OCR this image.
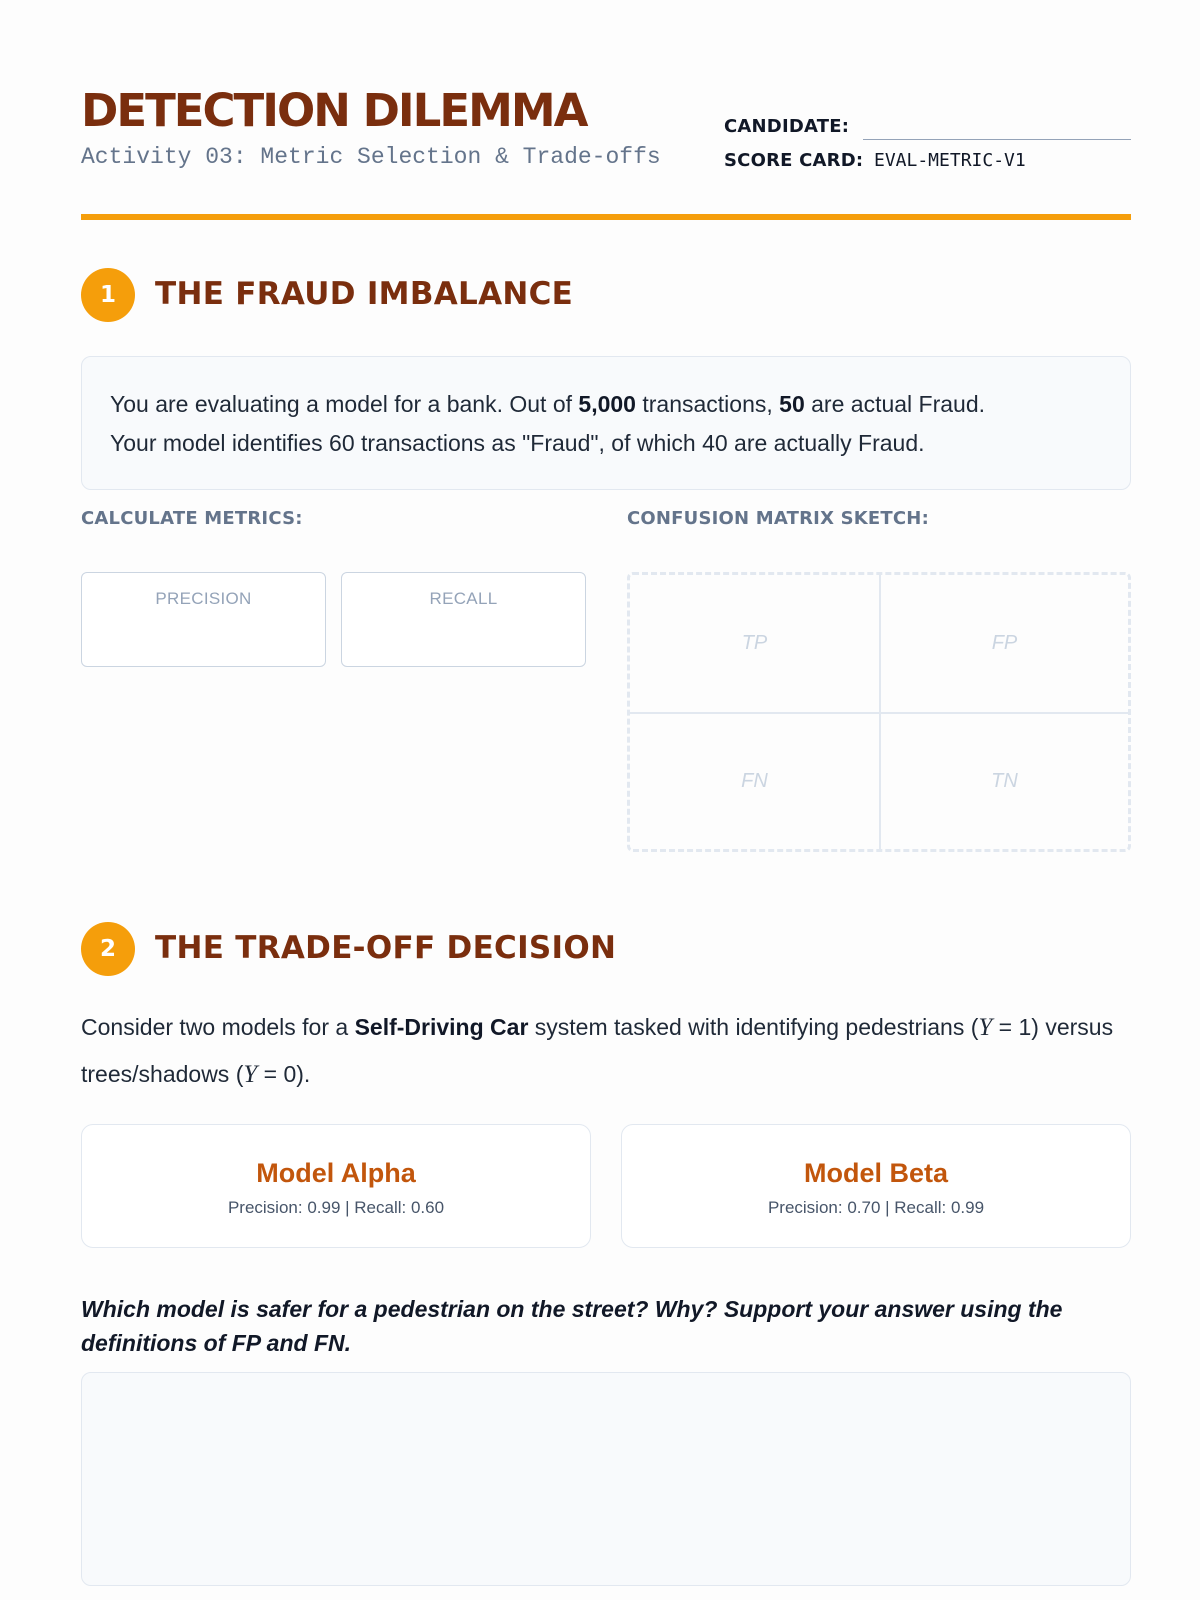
DETECTION DILEMMA
Activity 03: Metric Selection & Trade-offs
CANDIDATE:
SCORE CARD: EVAL-METRIC-V1
1	THE FRAUD IMBALANCE
You are evaluating a model for a bank. Out of 5,000 transactions, 50 are actual Fraud.
Your model identifies 60 transactions as "Fraud", of which 40 are actually Fraud.
CALCULATE METRICS:	CONFUSION MATRIX SKETCH:
PRECISION	RECALL
TP	FP
FN	TN
2	THE TRADE-OFF DECISION
Consider two models for a Self-Driving Car system tasked with identifying pedestrians (Y = 1) versus trees/shadows (Y = 0).
Model Alpha
Precision: 0.99 | Recall: 0.60
Model Beta
Precision: 0.70 | Recall: 0.99
Which model is safer for a pedestrian on the street? Why? Support your answer using the definitions of FP and FN.
